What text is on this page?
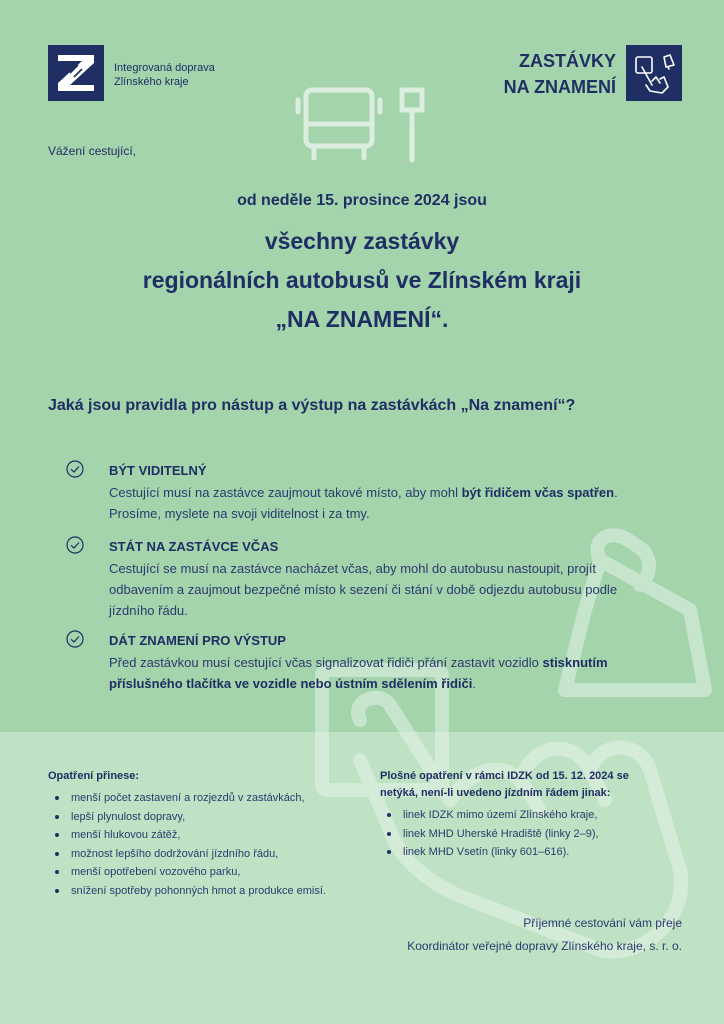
Integrovaná doprava
Zlínského kraje
ZASTÁVKY
NA ZNAMENÍ
Vážení cestující,
od neděle 15. prosince 2024 jsou
všechny zastávky
regionálních autobusů ve Zlínském kraji
„NA ZNAMENÍ“.
Jaká jsou pravidla pro nástup a výstup na zastávkách „Na znamení“?
BÝT VIDITELNÝ
Cestující musí na zastávce zaujmout takové místo, aby mohl být řidičem včas spatřen. Prosíme, myslete na svoji viditelnost i za tmy.
STÁT NA ZASTÁVCE VČAS
Cestující se musí na zastávce nacházet včas, aby mohl do autobusu nastoupit, projít odbavením a zaujmout bezpečné místo k sezení či stání v době odjezdu autobusu podle jízdního řádu.
DÁT ZNAMENÍ PRO VÝSTUP
Před zastávkou musí cestující včas signalizovat řidiči přání zastavit vozidlo stisknutím příslušného tlačítka ve vozidle nebo ústním sdělením řidiči.
Opatření přinese:
menší počet zastavení a rozjezdů v zastávkách,
lepší plynulost dopravy,
menší hlukovou zátěž,
možnost lepšího dodržování jízdního řádu,
menší opotřebení vozového parku,
snížení spotřeby pohonných hmot a produkce emisí.
Plošné opatření v rámci IDZK od 15. 12. 2024 se
netýká, není-li uvedeno jízdním řádem jinak:
linek IDZK mimo území Zlínského kraje,
linek MHD Uherské Hradiště (linky 2–9),
linek MHD Vsetín (linky 601–616).
Příjemné cestování vám přeje
Koordinátor veřejné dopravy Zlínského kraje, s. r. o.
